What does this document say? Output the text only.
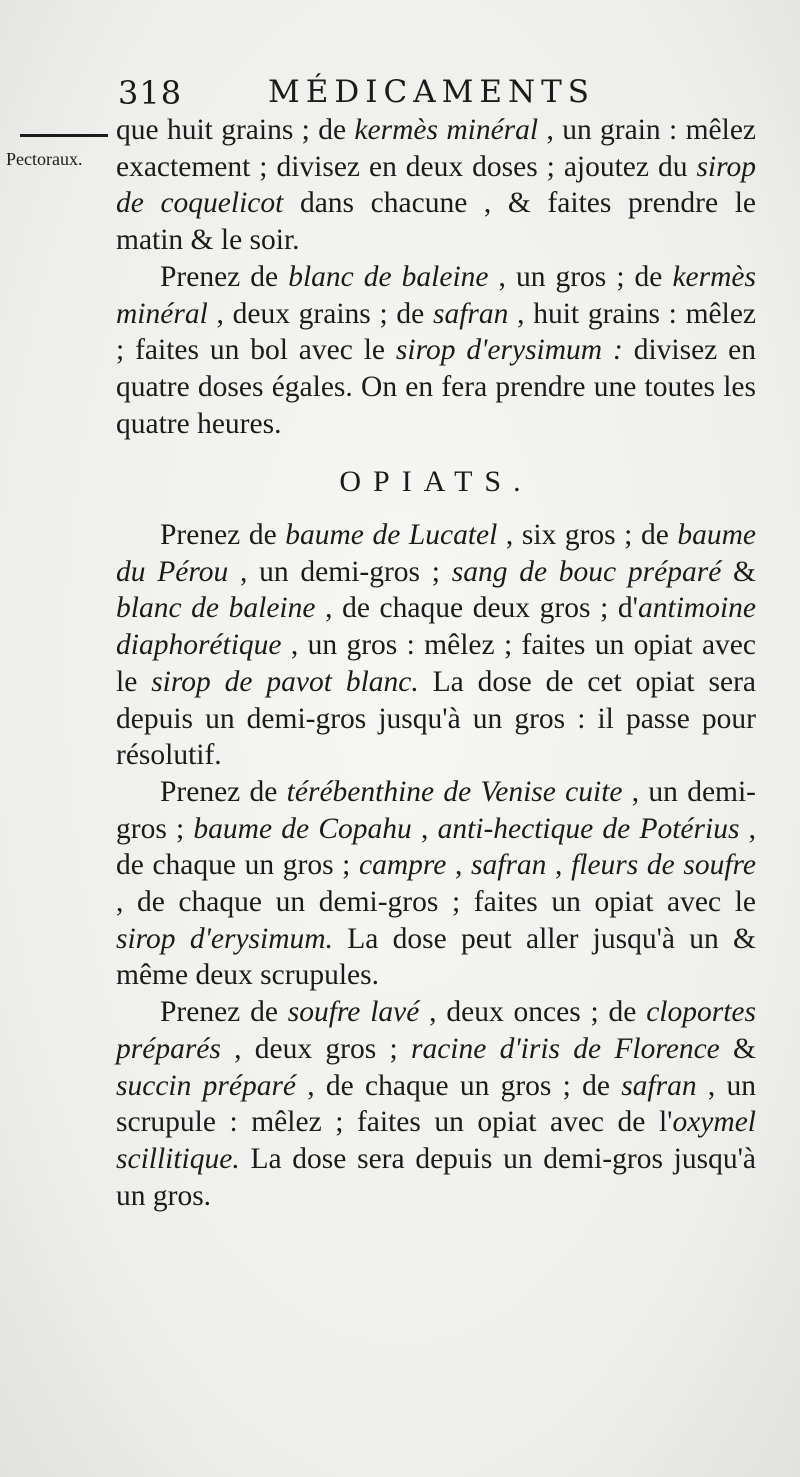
318	MÉDICAMENTS
Pectoraux.

que huit grains ; de kermès minéral , un grain : mêlez exactement ; divisez en deux doses ; ajoutez du sirop de coquelicot dans chacune , & faites prendre le matin & le soir.

Prenez de blanc de baleine , un gros ; de kermès minéral , deux grains ; de safran , huit grains : mêlez ; faites un bol avec le sirop d'erysimum : divisez en quatre doses égales. On en fera prendre une toutes les quatre heures.

OPIATS.

Prenez de baume de Lucatel , six gros ; de baume du Pérou , un demi-gros ; sang de bouc préparé & blanc de baleine , de chaque deux gros ; d'antimoine diaphorétique , un gros : mêlez ; faites un opiat avec le sirop de pavot blanc. La dose de cet opiat sera depuis un demi-gros jusqu'à un gros : il passe pour résolutif.

Prenez de térébenthine de Venise cuite , un demi-gros ; baume de Copahu , anti-hectique de Potérius , de chaque un gros ; campre , safran , fleurs de soufre , de chaque un demi-gros ; faites un opiat avec le sirop d'erysimum. La dose peut aller jusqu'à un & même deux scrupules.

Prenez de soufre lavé , deux onces ; de cloportes préparés , deux gros ; racine d'iris de Florence & succin préparé , de chaque un gros ; de safran , un scrupule : mêlez ; faites un opiat avec de l'oxymel scillitique. La dose sera depuis un demi-gros jusqu'à un gros.
